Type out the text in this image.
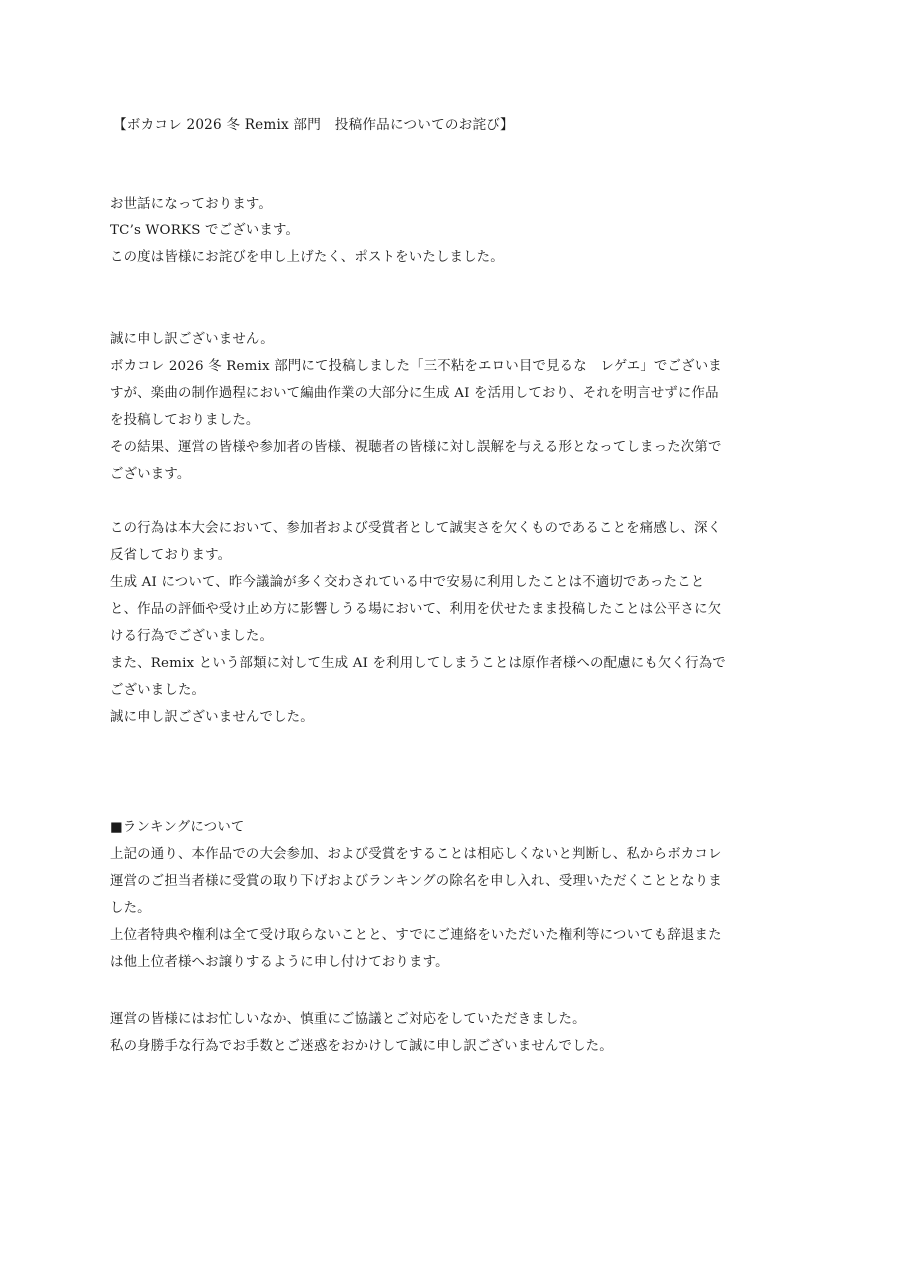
【ボカコレ 2026 冬 Remix 部門　投稿作品についてのお詫び】
お世話になっております。
TC’s WORKS でございます。
この度は皆様にお詫びを申し上げたく、ポストをいたしました。
誠に申し訳ございません。
ボカコレ 2026 冬 Remix 部門にて投稿しました「三不粘をエロい目で見るな　レゲエ」でございま
すが、楽曲の制作過程において編曲作業の大部分に生成 AI を活用しており、それを明言せずに作品
を投稿しておりました。
その結果、運営の皆様や参加者の皆様、視聴者の皆様に対し誤解を与える形となってしまった次第で
ございます。
この行為は本大会において、参加者および受賞者として誠実さを欠くものであることを痛感し、深く
反省しております。
生成 AI について、昨今議論が多く交わされている中で安易に利用したことは不適切であったこと
と、作品の評価や受け止め方に影響しうる場において、利用を伏せたまま投稿したことは公平さに欠
ける行為でございました。
また、Remix という部類に対して生成 AI を利用してしまうことは原作者様への配慮にも欠く行為で
ございました。
誠に申し訳ございませんでした。
■ランキングについて
上記の通り、本作品での大会参加、および受賞をすることは相応しくないと判断し、私からボカコレ
運営のご担当者様に受賞の取り下げおよびランキングの除名を申し入れ、受理いただくこととなりま
した。
上位者特典や権利は全て受け取らないことと、すでにご連絡をいただいた権利等についても辞退また
は他上位者様へお譲りするように申し付けております。
運営の皆様にはお忙しいなか、慎重にご協議とご対応をしていただきました。
私の身勝手な行為でお手数とご迷惑をおかけして誠に申し訳ございませんでした。
